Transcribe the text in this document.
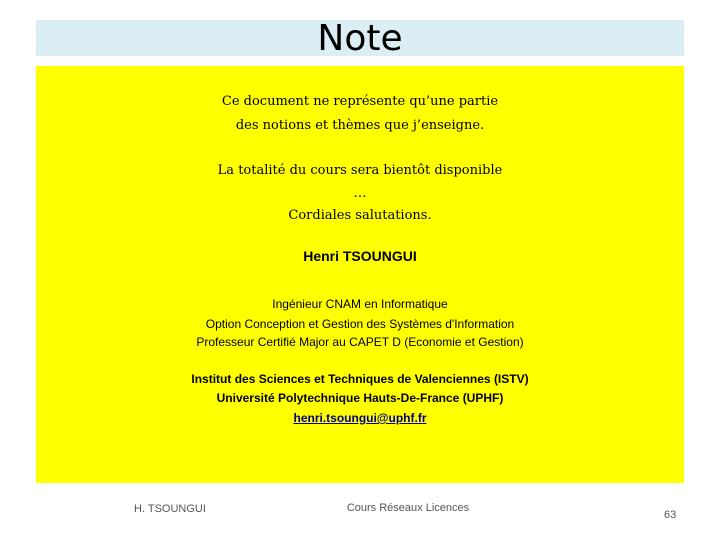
Note
Ce document ne représente qu’une partie
des notions et thèmes que j’enseigne.
La totalité du cours sera bientôt disponible
…
Cordiales salutations.
Henri TSOUNGUI
Ingénieur CNAM en Informatique
Option Conception et Gestion des Systèmes d'Information
Professeur Certifié Major au CAPET D (Economie et Gestion)
Institut des Sciences et Techniques de Valenciennes (ISTV)
Université Polytechnique Hauts-De-France (UPHF)
henri.tsoungui@uphf.fr
H. TSOUNGUI	Cours Réseaux Licences
63
